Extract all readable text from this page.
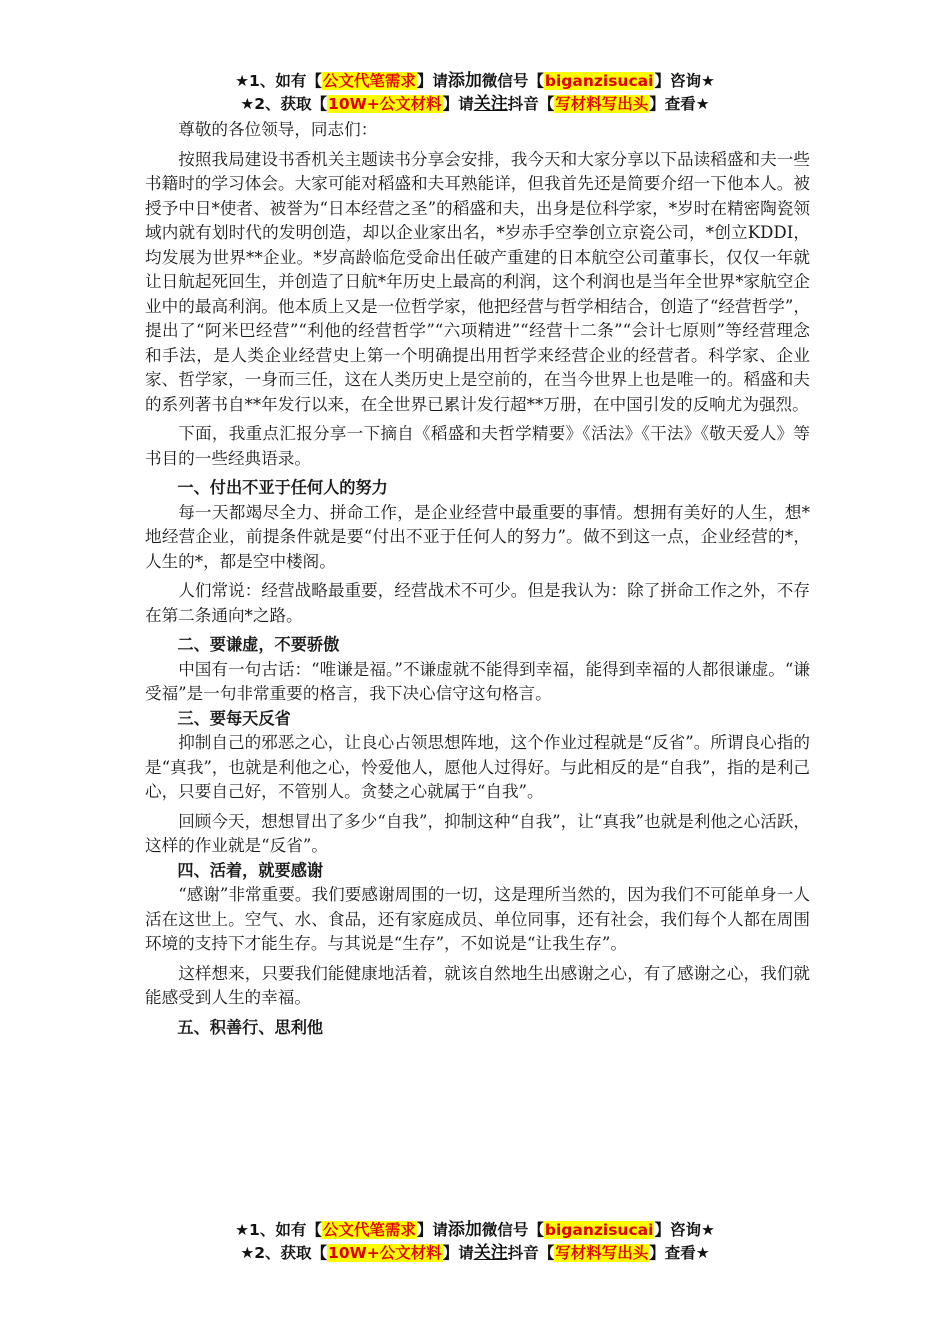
★1、如有【公文代笔需求】请添加微信号【biganzisucai】咨询★
★2、获取【10W+公文材料】请关注抖音【写材料写出头】查看★

尊敬的各位领导，同志们：

按照我局建设书香机关主题读书分享会安排，我今天和大家分享以下品读稻盛和夫一些书籍时的学习体会。大家可能对稻盛和夫耳熟能详，但我首先还是简要介绍一下他本人。被授予中日*使者、被誉为“日本经营之圣”的稻盛和夫，出身是位科学家，*岁时在精密陶瓷领域内就有划时代的发明创造，却以企业家出名，*岁赤手空拳创立京瓷公司，*创立KDDI，均发展为世界**企业。*岁高龄临危受命出任破产重建的日本航空公司董事长，仅仅一年就让日航起死回生，并创造了日航*年历史上最高的利润，这个利润也是当年全世界*家航空企业中的最高利润。他本质上又是一位哲学家，他把经营与哲学相结合，创造了“经营哲学”，提出了“阿米巴经营”“利他的经营哲学”“六项精进”“经营十二条”“会计七原则”等经营理念和手法，是人类企业经营史上第一个明确提出用哲学来经营企业的经营者。科学家、企业家、哲学家，一身而三任，这在人类历史上是空前的，在当今世界上也是唯一的。稻盛和夫的系列著书自**年发行以来，在全世界已累计发行超**万册，在中国引发的反响尤为强烈。

下面，我重点汇报分享一下摘自《稻盛和夫哲学精要》《活法》《干法》《敬天爱人》等书目的一些经典语录。

一、付出不亚于任何人的努力

每一天都竭尽全力、拼命工作，是企业经营中最重要的事情。想拥有美好的人生，想*地经营企业，前提条件就是要“付出不亚于任何人的努力”。做不到这一点，企业经营的*，人生的*，都是空中楼阁。

人们常说：经营战略最重要，经营战术不可少。但是我认为：除了拼命工作之外，不存在第二条通向*之路。

二、要谦虚，不要骄傲

中国有一句古话：“唯谦是福。”不谦虚就不能得到幸福，能得到幸福的人都很谦虚。“谦受福”是一句非常重要的格言，我下决心信守这句格言。

三、要每天反省

抑制自己的邪恶之心，让良心占领思想阵地，这个作业过程就是“反省”。所谓良心指的是“真我”，也就是利他之心，怜爱他人，愿他人过得好。与此相反的是“自我”，指的是利己心，只要自己好，不管别人。贪婪之心就属于“自我”。

回顾今天，想想冒出了多少“自我”，抑制这种“自我”，让“真我”也就是利他之心活跃，这样的作业就是“反省”。

四、活着，就要感谢

“感谢”非常重要。我们要感谢周围的一切，这是理所当然的，因为我们不可能单身一人活在这世上。空气、水、食品，还有家庭成员、单位同事，还有社会，我们每个人都在周围环境的支持下才能生存。与其说是“生存”，不如说是“让我生存”。

这样想来，只要我们能健康地活着，就该自然地生出感谢之心，有了感谢之心，我们就能感受到人生的幸福。

五、积善行、思利他

★1、如有【公文代笔需求】请添加微信号【biganzisucai】咨询★
★2、获取【10W+公文材料】请关注抖音【写材料写出头】查看★
